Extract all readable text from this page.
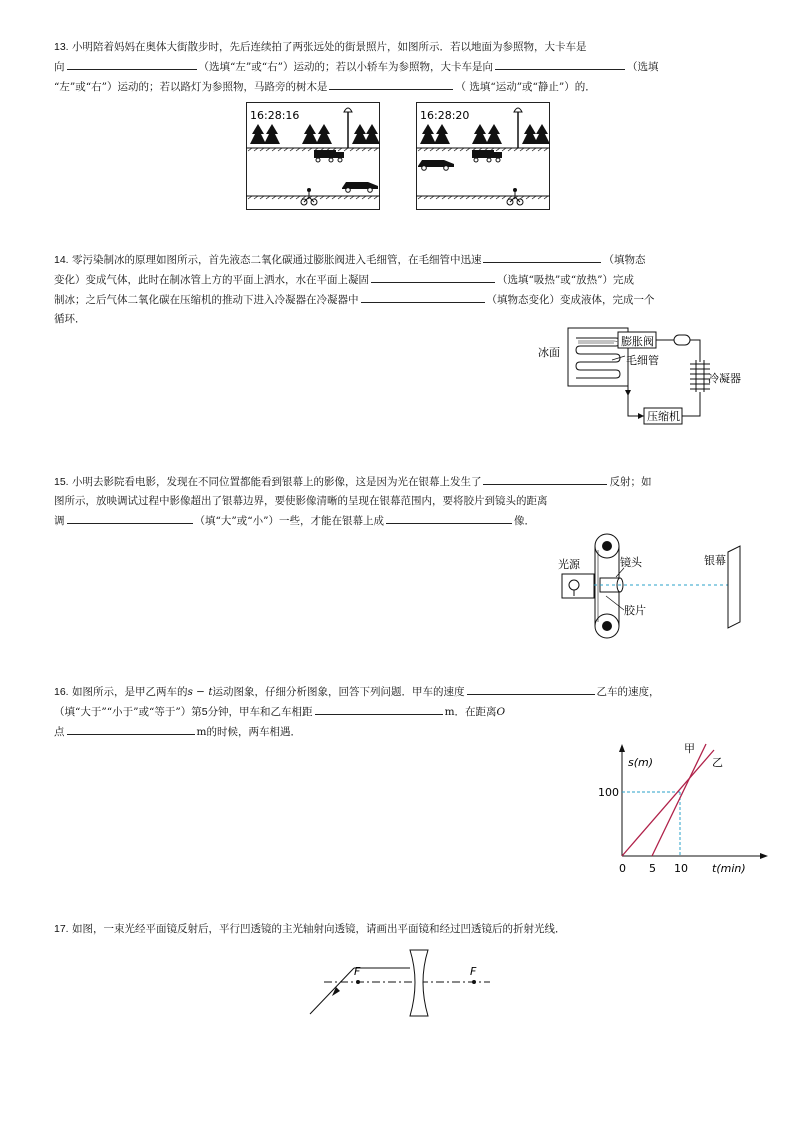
13. 小明陪着妈妈在奥体大街散步时，先后连续拍了两张远处的街景照片，如图所示．若以地面为参照物，大卡车是
向	（选填“左”或“右”）运动的；若以小轿车为参照物，大卡车是向	（选填
“左”或“右”）运动的；若以路灯为参照物，马路旁的树木是	（ 选填“运动”或“静止”）的．
16:28:16	16:28:20
14. 零污染制冰的原理如图所示，首先液态二氧化碳通过膨胀阀进入毛细管，在毛细管中迅速	（填物态
变化）变成气体，此时在制冰管上方的平面上洒水，水在平面上凝固	（选填“吸热”或“放热”）完成
制冰；之后气体二氧化碳在压缩机的推动下进入冷凝器在冷凝器中	（填物态变化）变成液体，完成一个
循环．
冰面
膨胀阀
毛细管
冷凝器
压缩机
15. 小明去影院看电影，发现在不同位置都能看到银幕上的影像，这是因为光在银幕上发生了	反射；如
图所示，放映调试过程中影像超出了银幕边界，要使影像清晰的呈现在银幕范围内，要将胶片到镜头的距离
调	（填“大”或“小”）一些，才能在银幕上成	像．
光源	镜头
胶片
银幕
16. 如图所示，是甲乙两车的s − t运动图象，仔细分析图象，回答下列问题．甲车的速度	乙车的速度，
（填“大于”“小于”或“等于”）第5分钟，甲车和乙车相距	m．在距离O
点	m的时候，两车相遇．
s(m)
t(min)
甲
乙
100
0 5 10
17. 如图，一束光经平面镜反射后，平行凹透镜的主光轴射向透镜，请画出平面镜和经过凹透镜后的折射光线．
F	F
